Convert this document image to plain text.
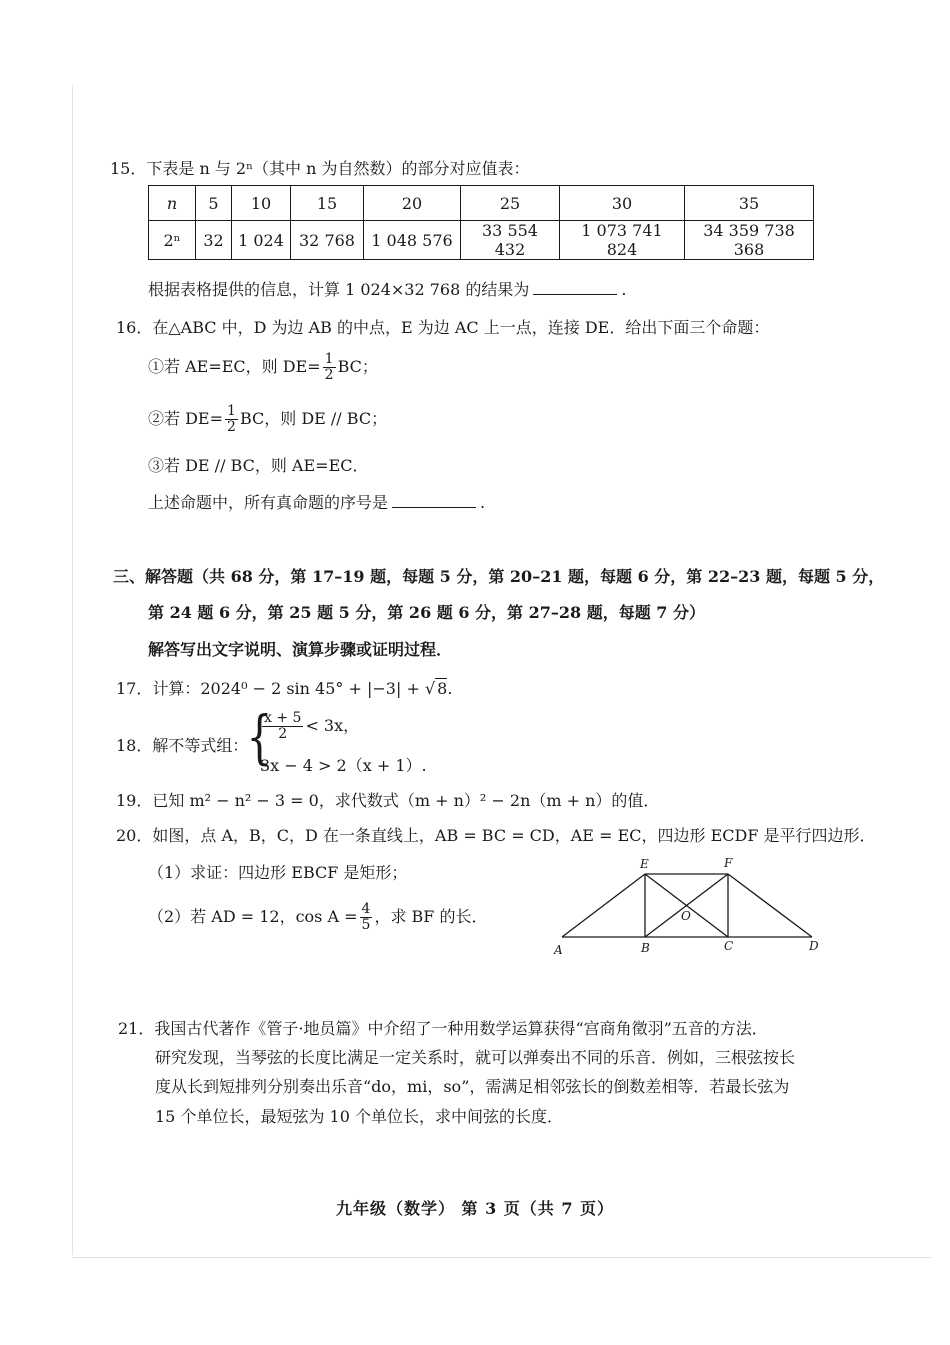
15．下表是 n 与 2ⁿ（其中 n 为自然数）的部分对应值表：
n	5	10	15	20	25	30	35
2ⁿ	32	1 024	32 768	1 048 576	33 554 432	1 073 741 824	34 359 738 368
根据表格提供的信息，计算 1 024×32 768 的结果为	.
16．在△ABC 中，D 为边 AB 的中点，E 为边 AC 上一点，连接 DE．给出下面三个命题：
①若 AE=EC，则 $DE= \frac{1}{2}$ BC；
②若 $DE= \frac{1}{2}$ BC，则 DE // BC；
③若 DE // BC，则 AE=EC．
上述命题中，所有真命题的序号是	.
三、解答题（共 68 分，第 17–19 题，每题 5 分，第 20–21 题，每题 6 分，第 22–23 题，每题 5 分，
第 24 题 6 分，第 25 题 5 分，第 26 题 6 分，第 27–28 题，每题 7 分）
解答写出文字说明、演算步骤或证明过程．
17．计算：2024⁰ − 2 sin 45° + |−3| + √ 8.
18．解不等式组：
{
$\frac{x + 5}{2} < 3x$，
3x − 4 > 2（x + 1）.
19．已知 m² − n² − 3 = 0，求代数式（m + n）² − 2n（m + n）的值．
20．如图，点 A，B，C，D 在一条直线上，AB = BC = CD，AE = EC，四边形 ECDF 是平行四边形．
（1）求证：四边形 EBCF 是矩形；
（2）若 AD = 12，$\cos A = \frac{4}{5}$ ，求 BF 的长．
A	B	C	D
E	F
O
21．我国古代著作《管子·地员篇》中介绍了一种用数学运算获得“宫商角徵羽”五音的方法．
研究发现，当琴弦的长度比满足一定关系时，就可以弹奏出不同的乐音．例如，三根弦按长
度从长到短排列分别奏出乐音“do，mi，so”，需满足相邻弦长的倒数差相等．若最长弦为
15 个单位长，最短弦为 10 个单位长，求中间弦的长度．
九年级（数学） 第 3 页（共 7 页）
